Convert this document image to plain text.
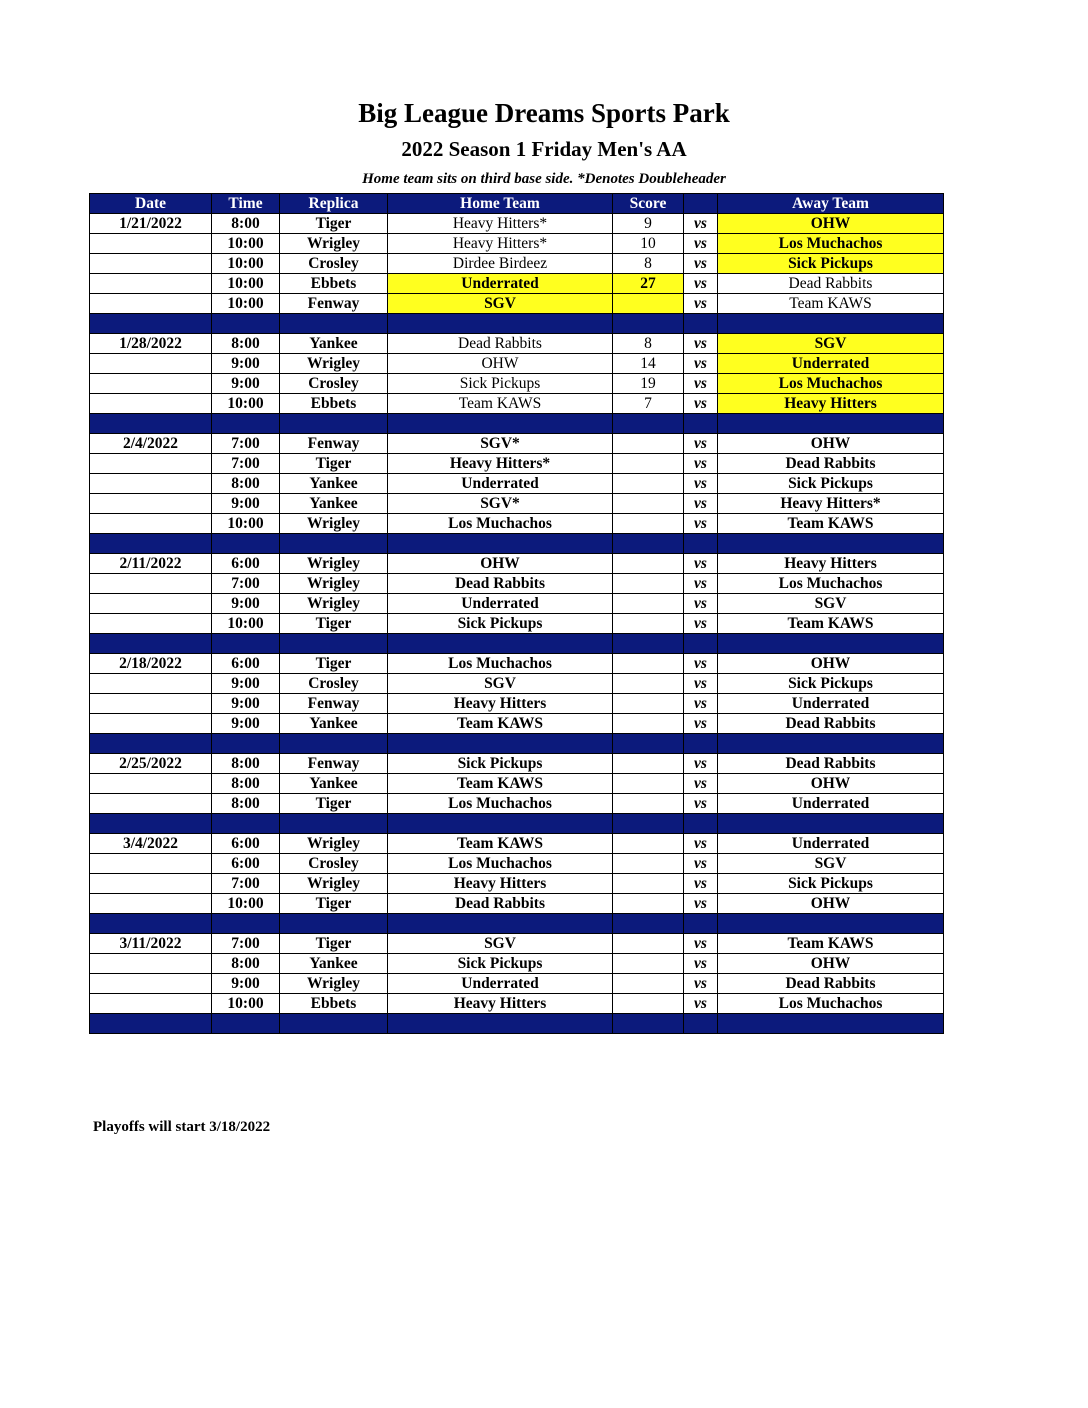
Big League Dreams Sports Park
2022 Season 1 Friday Men's AA
Home team sits on third base side. *Denotes Doubleheader
Date	Time	Replica	Home Team	Score		Away Team
1/21/2022	8:00	Tiger	Heavy Hitters*	9	vs	OHW
	10:00	Wrigley	Heavy Hitters*	10	vs	Los Muchachos
	10:00	Crosley	Dirdee Birdeez	8	vs	Sick Pickups
	10:00	Ebbets	Underrated	27	vs	Dead Rabbits
	10:00	Fenway	SGV		vs	Team KAWS

1/28/2022	8:00	Yankee	Dead Rabbits	8	vs	SGV
	9:00	Wrigley	OHW	14	vs	Underrated
	9:00	Crosley	Sick Pickups	19	vs	Los Muchachos
	10:00	Ebbets	Team KAWS	7	vs	Heavy Hitters

2/4/2022	7:00	Fenway	SGV*		vs	OHW
	7:00	Tiger	Heavy Hitters*		vs	Dead Rabbits
	8:00	Yankee	Underrated		vs	Sick Pickups
	9:00	Yankee	SGV*		vs	Heavy Hitters*
	10:00	Wrigley	Los Muchachos		vs	Team KAWS

2/11/2022	6:00	Wrigley	OHW		vs	Heavy Hitters
	7:00	Wrigley	Dead Rabbits		vs	Los Muchachos
	9:00	Wrigley	Underrated		vs	SGV
	10:00	Tiger	Sick Pickups		vs	Team KAWS

2/18/2022	6:00	Tiger	Los Muchachos		vs	OHW
	9:00	Crosley	SGV		vs	Sick Pickups
	9:00	Fenway	Heavy Hitters		vs	Underrated
	9:00	Yankee	Team KAWS		vs	Dead Rabbits

2/25/2022	8:00	Fenway	Sick Pickups		vs	Dead Rabbits
	8:00	Yankee	Team KAWS		vs	OHW
	8:00	Tiger	Los Muchachos		vs	Underrated

3/4/2022	6:00	Wrigley	Team KAWS		vs	Underrated
	6:00	Crosley	Los Muchachos		vs	SGV
	7:00	Wrigley	Heavy Hitters		vs	Sick Pickups
	10:00	Tiger	Dead Rabbits		vs	OHW

3/11/2022	7:00	Tiger	SGV		vs	Team KAWS
	8:00	Yankee	Sick Pickups		vs	OHW
	9:00	Wrigley	Underrated		vs	Dead Rabbits
	10:00	Ebbets	Heavy Hitters		vs	Los Muchachos

Playoffs will start 3/18/2022
